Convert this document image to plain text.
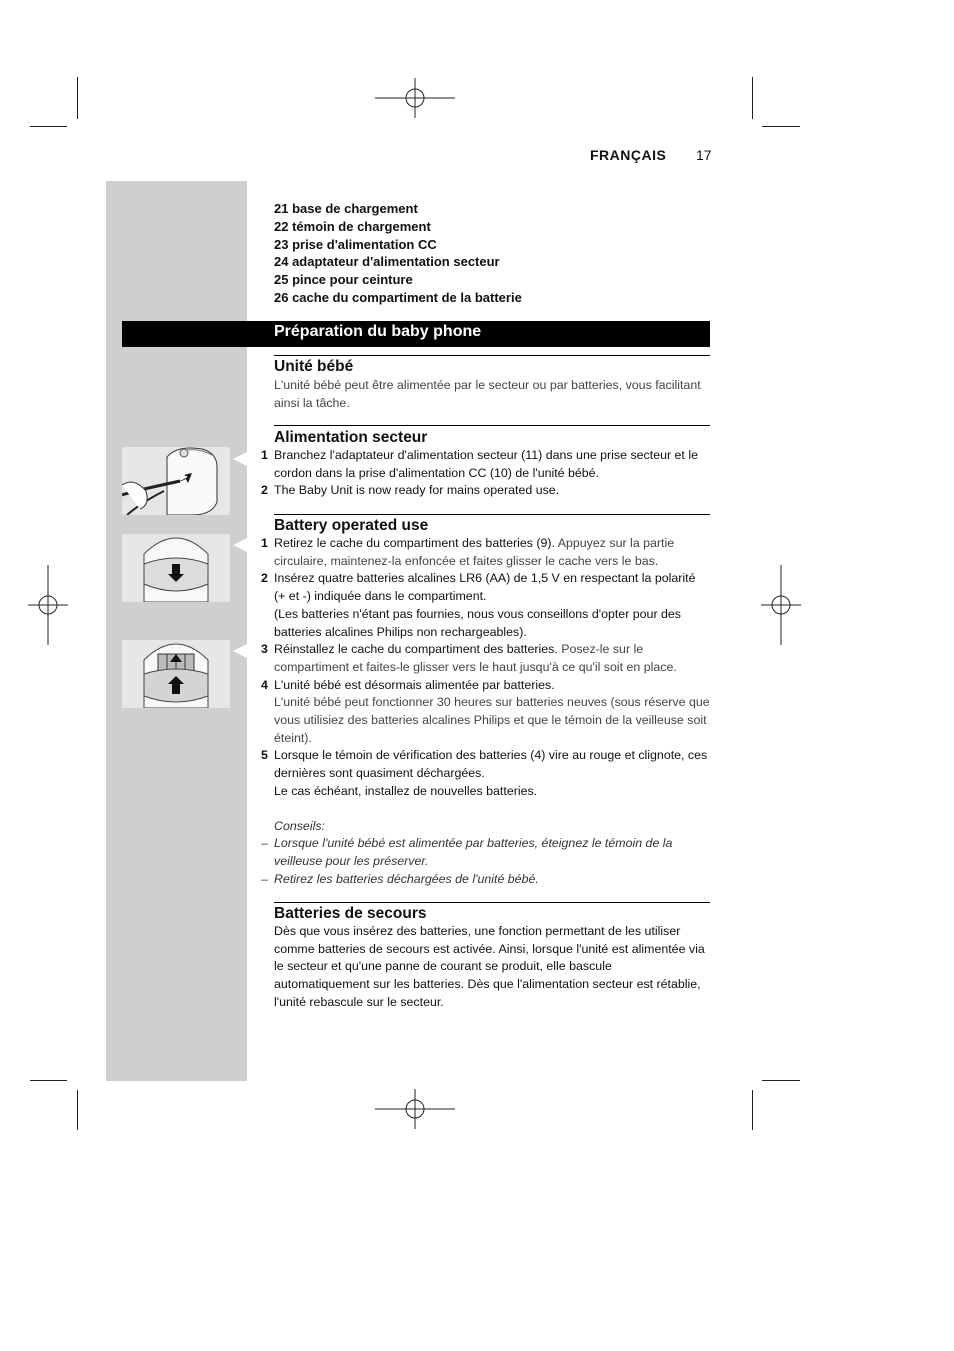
FRANÇAIS 17
21 base de chargement
22 témoin de chargement
23 prise d'alimentation CC
24 adaptateur d'alimentation secteur
25 pince pour ceinture
26 cache du compartiment de la batterie
Préparation du baby phone
Unité bébé
L'unité bébé peut être alimentée par le secteur ou par batteries, vous facilitant ainsi la tâche.
Alimentation secteur
1 Branchez l'adaptateur d'alimentation secteur (11) dans une prise secteur et le cordon dans la prise d'alimentation CC (10) de l'unité bébé.
2 The Baby Unit is now ready for mains operated use.
Battery operated use
1 Retirez le cache du compartiment des batteries (9). Appuyez sur la partie circulaire, maintenez-la enfoncée et faites glisser le cache vers le bas.
2 Insérez quatre batteries alcalines LR6 (AA) de 1,5 V en respectant la polarité (+ et -) indiquée dans le compartiment.
(Les batteries n'étant pas fournies, nous vous conseillons d'opter pour des batteries alcalines Philips non rechargeables).
3 Réinstallez le cache du compartiment des batteries. Posez-le sur le compartiment et faites-le glisser vers le haut jusqu'à ce qu'il soit en place.
4 L'unité bébé est désormais alimentée par batteries.
L'unité bébé peut fonctionner 30 heures sur batteries neuves (sous réserve que vous utilisiez des batteries alcalines Philips et que le témoin de la veilleuse soit éteint).
5 Lorsque le témoin de vérification des batteries (4) vire au rouge et clignote, ces dernières sont quasiment déchargées.
Le cas échéant, installez de nouvelles batteries.
Conseils:
– Lorsque l'unité bébé est alimentée par batteries, éteignez le témoin de la veilleuse pour les préserver.
– Retirez les batteries déchargées de l'unité bébé.
Batteries de secours
Dès que vous insérez des batteries, une fonction permettant de les utiliser comme batteries de secours est activée. Ainsi, lorsque l'unité est alimentée via le secteur et qu'une panne de courant se produit, elle bascule automatiquement sur les batteries. Dès que l'alimentation secteur est rétablie, l'unité rebascule sur le secteur.
